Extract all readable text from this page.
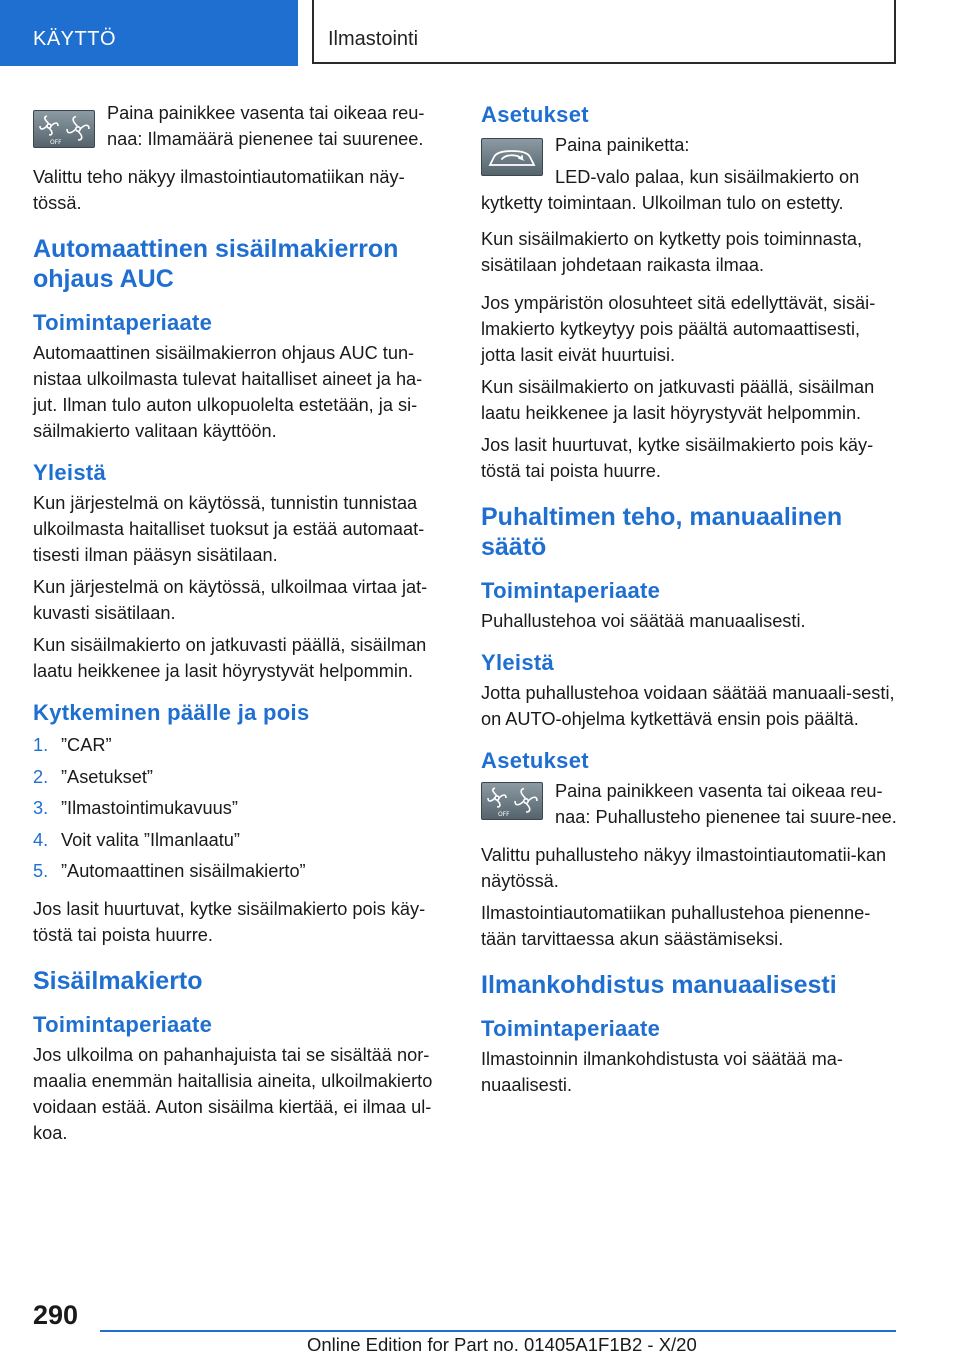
KÄYTTÖ	Ilmastointi
OFF

Paina painikkee vasenta tai oikeaa reu‐naa: Ilmamäärä pienenee tai suurenee.

Valittu teho näkyy ilmastointiautomatiikan näy‐tössä.

Automaattinen sisäilmakierron ohjaus AUC
Toimintaperiaate

Automaattinen sisäilmakierron ohjaus AUC tun‐nistaa ulkoilmasta tulevat haitalliset aineet ja ha‐jut. Ilman tulo auton ulkopuolelta estetään, ja si‐säilmakierto valitaan käyttöön.

Yleistä

Kun järjestelmä on käytössä, tunnistin tunnistaa ulkoilmasta haitalliset tuoksut ja estää automaat‐tisesti ilman pääsyn sisätilaan.

Kun järjestelmä on käytössä, ulkoilmaa virtaa jat‐kuvasti sisätilaan.

Kun sisäilmakierto on jatkuvasti päällä, sisäilman laatu heikkenee ja lasit höyrystyvät helpommin.

Kytkeminen päälle ja pois
1. ”CAR”
2. ”Asetukset”
3. ”Ilmastointimukavuus”
4. Voit valita ”Ilmanlaatu”
5. ”Automaattinen sisäilmakierto”

Jos lasit huurtuvat, kytke sisäilmakierto pois käy‐töstä tai poista huurre.

Sisäilmakierto
Toimintaperiaate

Jos ulkoilma on pahanhajuista tai se sisältää nor‐maalia enemmän haitallisia aineita, ulkoilmakierto voidaan estää. Auton sisäilma kiertää, ei ilmaa ul‐koa.

Asetukset

Paina painiketta:

LED-valo palaa, kun sisäilmakierto on kytketty toimintaan. Ulkoilman tulo on estetty.

Kun sisäilmakierto on kytketty pois toiminnasta, sisätilaan johdetaan raikasta ilmaa.

Jos ympäristön olosuhteet sitä edellyttävät, sisäi‐lmakierto kytkeytyy pois päältä automaattisesti, jotta lasit eivät huurtuisi.

Kun sisäilmakierto on jatkuvasti päällä, sisäilman laatu heikkenee ja lasit höyrystyvät helpommin.

Jos lasit huurtuvat, kytke sisäilmakierto pois käy‐töstä tai poista huurre.

Puhaltimen teho, manuaalinen säätö
Toimintaperiaate

Puhallustehoa voi säätää manuaalisesti.

Yleistä

Jotta puhallustehoa voidaan säätää manuaali‐sesti, on AUTO-ohjelma kytkettävä ensin pois päältä.

Asetukset
OFF

Paina painikkeen vasenta tai oikeaa reu‐naa: Puhallusteho pienenee tai suure‐nee.

Valittu puhallusteho näkyy ilmastointiautomatii‐kan näytössä.

Ilmastointiautomatiikan puhallustehoa pienenne‐tään tarvittaessa akun säästämiseksi.

Ilmankohdistus manuaalisesti
Toimintaperiaate

Ilmastoinnin ilmankohdistusta voi säätää ma‐nuaalisesti.

290
Online Edition for Part no. 01405A1F1B2 - X/20
